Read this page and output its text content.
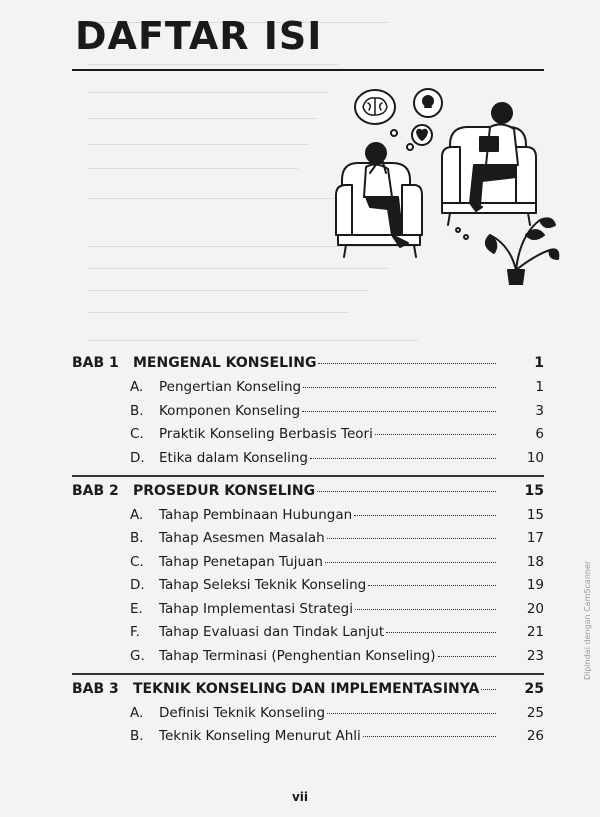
DAFTAR ISI
BAB 1 MENGENAL KONSELING	1
A. Pengertian Konseling	1
B. Komponen Konseling	3
C. Praktik Konseling Berbasis Teori	6
D. Etika dalam Konseling	10
BAB 2 PROSEDUR KONSELING	15
A. Tahap Pembinaan Hubungan	15
B. Tahap Asesmen Masalah	17
C. Tahap Penetapan Tujuan	18
D. Tahap Seleksi Teknik Konseling	19
E. Tahap Implementasi Strategi	20
F. Tahap Evaluasi dan Tindak Lanjut	21
G. Tahap Terminasi (Penghentian Konseling)	23
BAB 3 TEKNIK KONSELING DAN IMPLEMENTASINYA	25
A. Definisi Teknik Konseling	25
B. Teknik Konseling Menurut Ahli	26
vii
Dipindai dengan CamScanner
